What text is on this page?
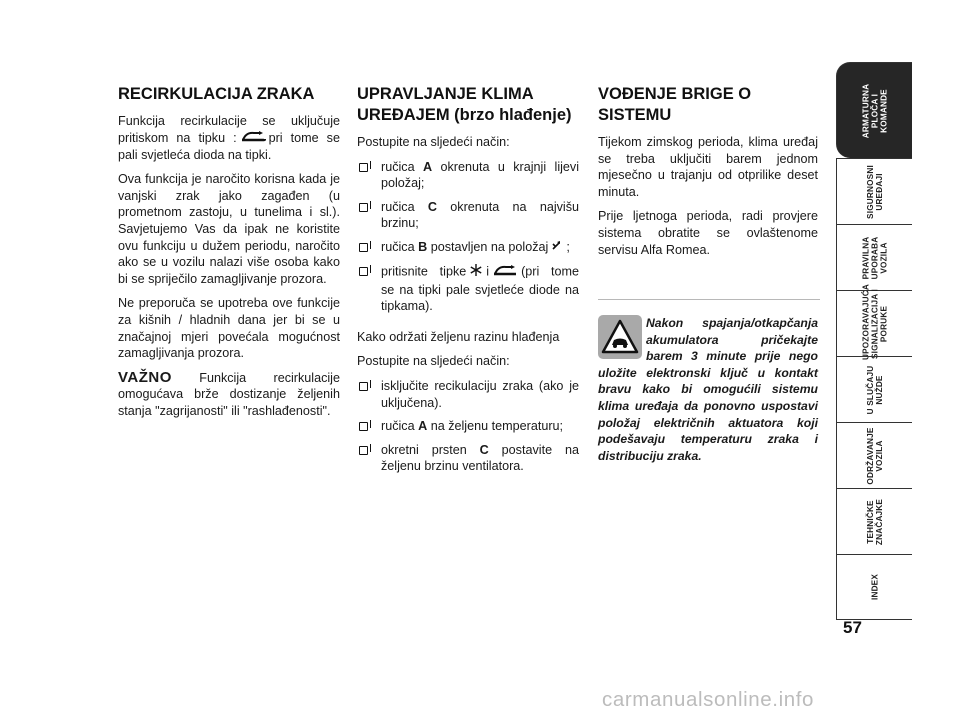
RECIRKULACIJA ZRAKA

Funkcija recirkulacije se uključuje pritiskom na tipku :	pri tome se pali svjetleća dioda na tipki.

Ova funkcija je naročito korisna kada je vanjski zrak jako zagađen (u prometnom zastoju, u tunelima i sl.). Savjetujemo Vas da ipak ne koristite ovu funkciju u dužem periodu, naročito ako se u vozilu nalazi više osoba kako bi se spriječilo zamagljivanje prozora.

Ne preporuča se upotreba ove funkcije za kišnih / hladnih dana jer bi se u značajnoj mjeri povećala mogućnost zamagljivanja prozora.

VAŽNO Funkcija recirkulacije omogućava brže dostizanje željenih stanja "zagrijanosti" ili "rashlađenosti".

UPRAVLJANJE KLIMA UREĐAJEM (brzo hlađenje)

Postupite na sljedeći način:

ručica A okrenuta u krajnji lijevi položaj;
ručica C okrenuta na najvišu brzinu;
ručica B postavljen na položaj ;
pritisnite tipke i	(pri tome se na tipki pale svjetleće diode na tipkama).

Kako održati željenu razinu hlađenja

Postupite na sljedeći način:

isključite recikulaciju zraka (ako je uključena).
ručica A na željenu temperaturu;
okretni prsten C postavite na željenu brzinu ventilatora.
VOĐENJE BRIGE O SISTEMU

Tijekom zimskog perioda, klima uređaj se treba uključiti barem jednom mjesečno u trajanju od otprilike deset minuta.

Prije ljetnoga perioda, radi provjere sistema obratite se ovlaštenome servisu Alfa Romea.

Nakon spajanja/otkapčanja akumulatora pričekajte barem 3 minute prije nego uložite elektronski ključ u kontakt bravu kako bi omogućili sistemu klima uređaja da ponovno uspostavi položaj električnih aktuatora koji podešavaju temperaturu zraka i distribuciju zraka.

ARMATURNA PLOČA I KOMANDE
SIGURNOSNI UREĐAJI
PRAVILNA UPORABA VOZILA
UPOZORAVAJUĆA SIGNALIZACIJA I PORUKE
U SLUČAJU NUŽDE
ODRŽAVANJE VOZILA
TEHNIČKE ZNAČAJKE
INDEX
57
carmanualsonline.info
